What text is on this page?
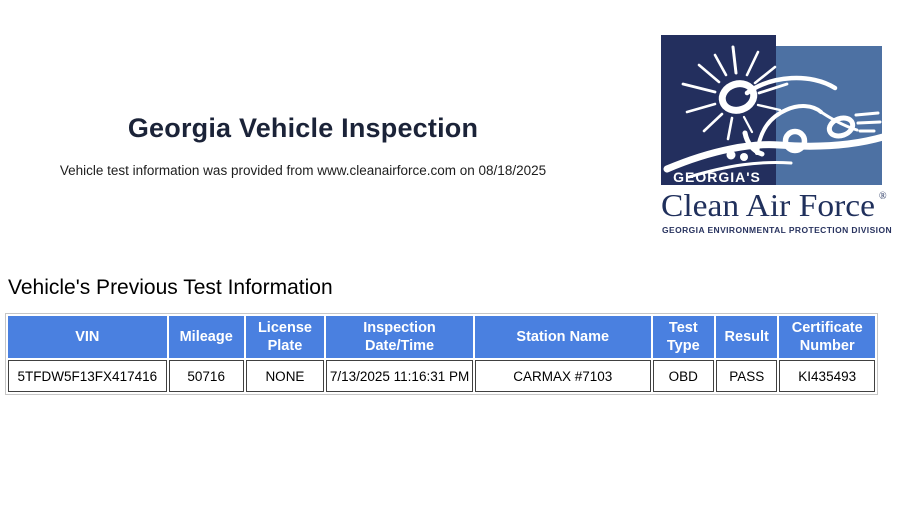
Georgia Vehicle Inspection

Vehicle test information was provided from www.cleanairforce.com on 08/18/2025	GEORGIA'S
Clean Air Force ®
GEORGIA ENVIRONMENTAL PROTECTION DIVISION
Vehicle's Previous Test Information
VIN	Mileage	License Plate	Inspection Date/Time	Station Name	Test Type	Result	Certificate Number
5TFDW5F13FX417416	50716	NONE	7/13/2025 11:16:31 PM	CARMAX #7103	OBD	PASS	KI435493
